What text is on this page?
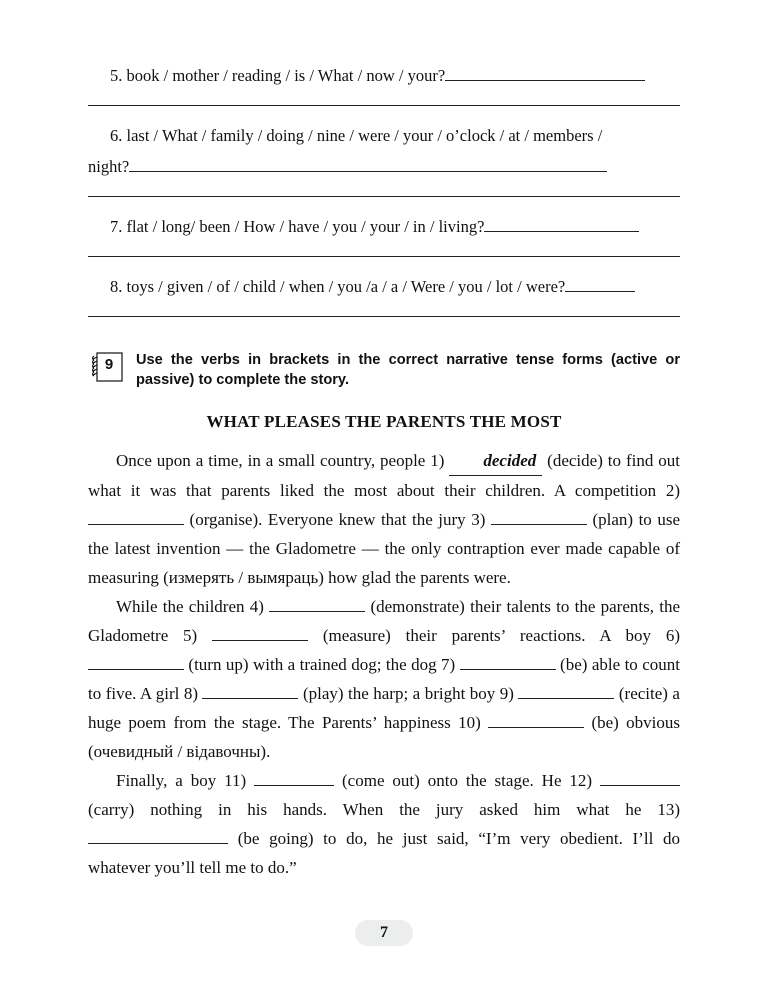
5. book / mother / reading / is / What / now / your?
6. last / What / family / doing / nine / were / your / o’clock / at / members /
night?
7. flat / long/ been / How / have / you / your / in / living?
8. toys / given / of / child / when / you /a / a / Were / you / lot / were?
9 Use the verbs in brackets in the correct narrative tense forms (active or passive) to complete the story.
WHAT PLEASES THE PARENTS THE MOST

Once upon a time, in a small country, people 1) decided (decide) to find out what it was that parents liked the most about their children. A competition 2)  (organise). Everyone knew that the jury 3)	(plan) to use the latest invention — the Gladometre — the only contraption ever made capable of measuring (измерять / вымяраць) how glad the parents were.

While the children 4)	(demonstrate) their talents to the parents, the Gladometre 5)	(measure) their parents’ reactions. A boy 6)  (turn up) with a trained dog; the dog 7)	(be) able to count to five. A girl 8)	(play) the harp; a bright boy 9)	(recite) a huge poem from the stage. The Parents’ happiness 10)	(be) obvious (очевидный / відавочны).

Finally, a boy 11)	(come out) onto the stage. He 12)  (carry) nothing in his hands. When the jury asked him what he 13)  (be going) to do, he just said, “I’m very obedient. I’ll do whatever you’ll tell me to do.”

7
